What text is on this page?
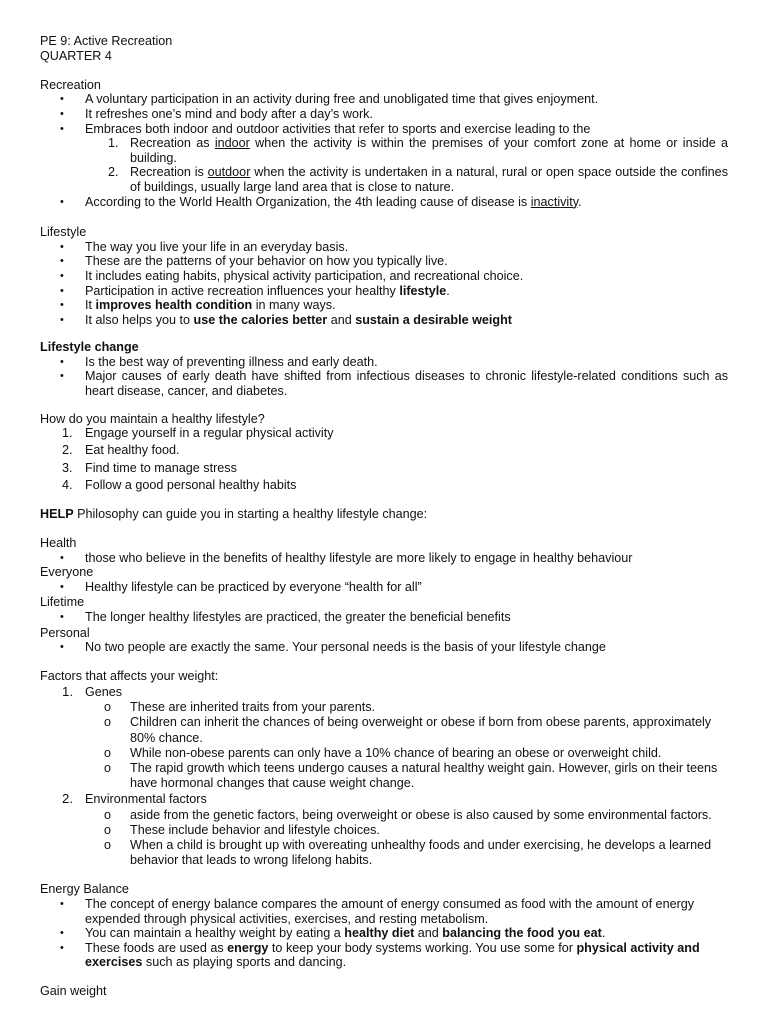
PE 9: Active Recreation
QUARTER 4
Recreation
• A voluntary participation in an activity during free and unobligated time that gives enjoyment.
• It refreshes one’s mind and body after a day’s work.
• Embraces both indoor and outdoor activities that refer to sports and exercise leading to the
1. Recreation as indoor when the activity is within the premises of your comfort zone at home or inside a building.
2. Recreation is outdoor when the activity is undertaken in a natural, rural or open space outside the confines of buildings, usually large land area that is close to nature.
• According to the World Health Organization, the 4th leading cause of disease is inactivity.
Lifestyle
• The way you live your life in an everyday basis.
• These are the patterns of your behavior on how you typically live.
• It includes eating habits, physical activity participation, and recreational choice.
• Participation in active recreation influences your healthy lifestyle.
• It improves health condition in many ways.
• It also helps you to use the calories better and sustain a desirable weight
Lifestyle change
• Is the best way of preventing illness and early death.
• Major causes of early death have shifted from infectious diseases to chronic lifestyle-related conditions such as heart disease, cancer, and diabetes.
How do you maintain a healthy lifestyle?
1. Engage yourself in a regular physical activity
2. Eat healthy food.
3. Find time to manage stress
4. Follow a good personal healthy habits
HELP Philosophy can guide you in starting a healthy lifestyle change:
Health
• those who believe in the benefits of healthy lifestyle are more likely to engage in healthy behaviour
Everyone
• Healthy lifestyle can be practiced by everyone “health for all”
Lifetime
• The longer healthy lifestyles are practiced, the greater the beneficial benefits
Personal
• No two people are exactly the same. Your personal needs is the basis of your lifestyle change
Factors that affects your weight:
1. Genes
o These are inherited traits from your parents.
o Children can inherit the chances of being overweight or obese if born from obese parents, approximately 80% chance.
o While non-obese parents can only have a 10% chance of bearing an obese or overweight child.
o The rapid growth which teens undergo causes a natural healthy weight gain. However, girls on their teens have hormonal changes that cause weight change.
2. Environmental factors
o aside from the genetic factors, being overweight or obese is also caused by some environmental factors.
o These include behavior and lifestyle choices.
o When a child is brought up with overeating unhealthy foods and under exercising, he develops a learned behavior that leads to wrong lifelong habits.
Energy Balance
• The concept of energy balance compares the amount of energy consumed as food with the amount of energy expended through physical activities, exercises, and resting metabolism.
• You can maintain a healthy weight by eating a healthy diet and balancing the food you eat.
• These foods are used as energy to keep your body systems working. You use some for physical activity and exercises such as playing sports and dancing.
Gain weight
